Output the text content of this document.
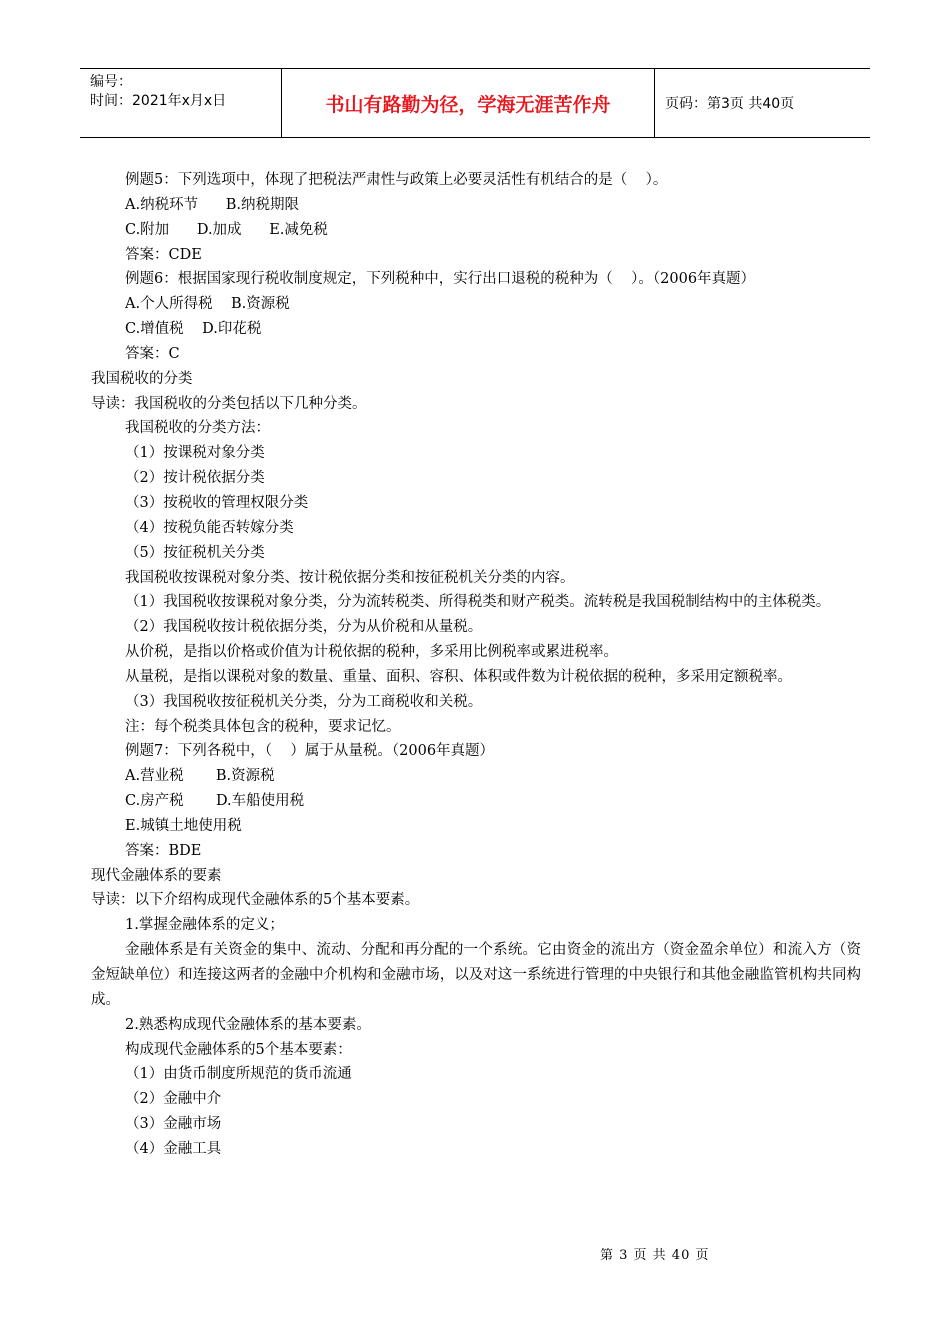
编号：
时间：2021年x月x日	书山有路勤为径，学海无涯苦作舟	页码：第3页 共40页

例题5：下列选项中，体现了把税法严肃性与政策上必要灵活性有机结合的是（    ）。

A.纳税环节      B.纳税期限

C.附加      D.加成      E.减免税

答案：CDE

例题6：根据国家现行税收制度规定，下列税种中，实行出口退税的税种为（    ）。（2006年真题）

A.个人所得税    B.资源税

C.增值税    D.印花税

答案：C

我国税收的分类

导读：我国税收的分类包括以下几种分类。

我国税收的分类方法：

（1）按课税对象分类

（2）按计税依据分类

（3）按税收的管理权限分类

（4）按税负能否转嫁分类

（5）按征税机关分类

我国税收按课税对象分类、按计税依据分类和按征税机关分类的内容。

（1）我国税收按课税对象分类，分为流转税类、所得税类和财产税类。流转税是我国税制结构中的主体税类。

（2）我国税收按计税依据分类，分为从价税和从量税。

从价税，是指以价格或价值为计税依据的税种，多采用比例税率或累进税率。

从量税，是指以课税对象的数量、重量、面积、容积、体积或件数为计税依据的税种，多采用定额税率。

（3）我国税收按征税机关分类，分为工商税收和关税。

注：每个税类具体包含的税种，要求记忆。

例题7：下列各税中，（    ）属于从量税。（2006年真题）

A.营业税       B.资源税

C.房产税       D.车船使用税

E.城镇土地使用税

答案：BDE

现代金融体系的要素

导读：以下介绍构成现代金融体系的5个基本要素。

1.掌握金融体系的定义；

金融体系是有关资金的集中、流动、分配和再分配的一个系统。它由资金的流出方（资金盈余单位）和流入方（资金短缺单位）和连接这两者的金融中介机构和金融市场，以及对这一系统进行管理的中央银行和其他金融监管机构共同构成。

2.熟悉构成现代金融体系的基本要素。

构成现代金融体系的5个基本要素：

（1）由货币制度所规范的货币流通

（2）金融中介

（3）金融市场

（4）金融工具

第 3 页 共 40 页
